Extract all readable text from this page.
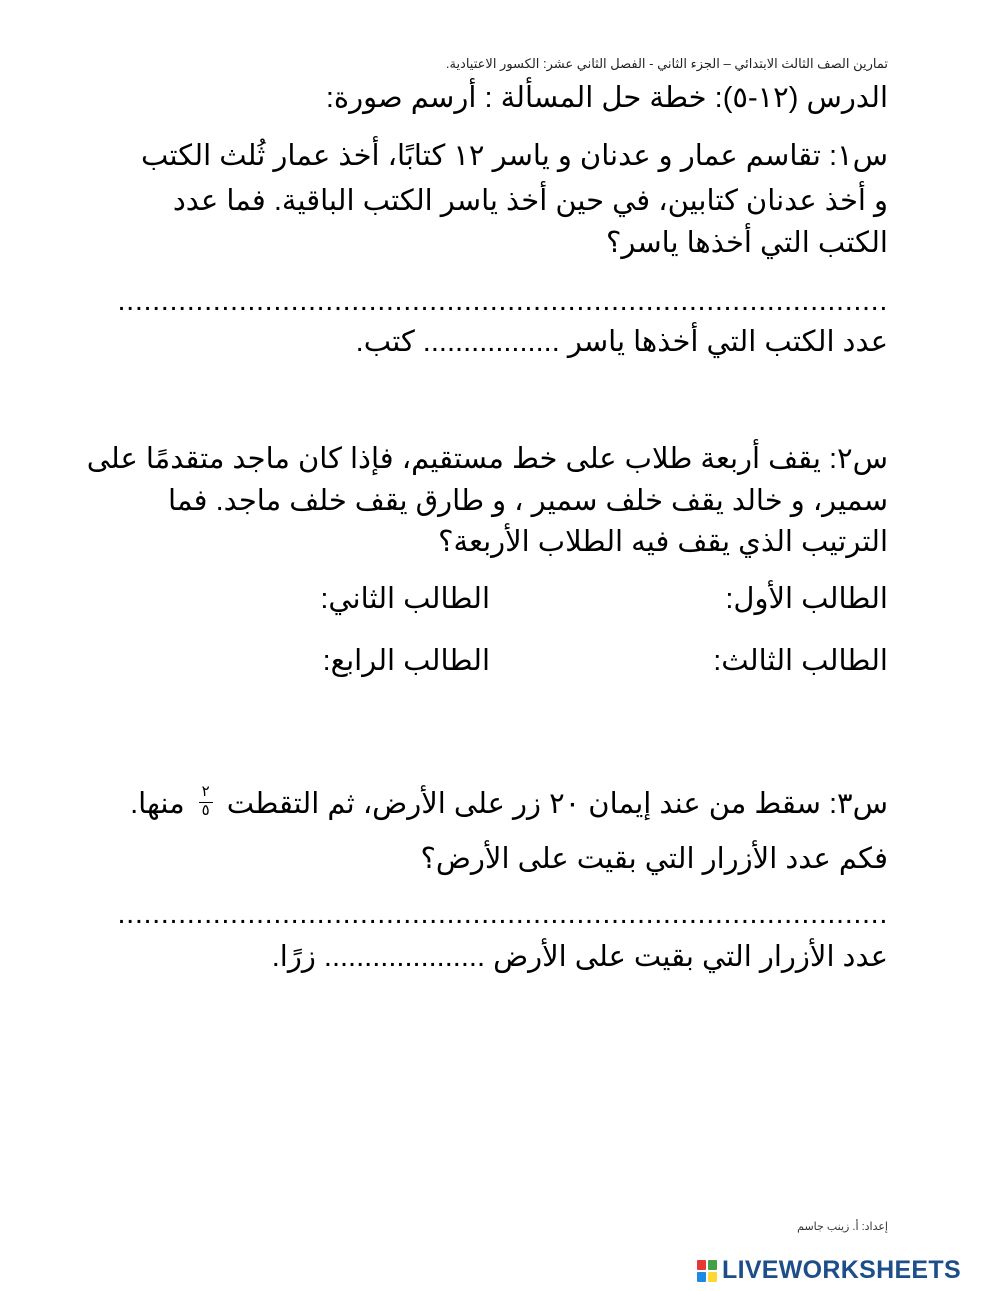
تمارين الصف الثالث الابتدائي – الجزء الثاني - الفصل الثاني عشر: الكسور الاعتيادية.
الدرس (١٢-٥): خطة حل المسألة : أرسم صورة:
س١: تقاسم عمار و عدنان و ياسر ١٢ كتابًا، أخذ عمار ثُلث الكتب
و أخذ عدنان كتابين، في حين أخذ ياسر الكتب الباقية. فما عدد
الكتب التي أخذها ياسر؟
.........................................................................................
عدد الكتب التي أخذها ياسر ................. كتب.
س٢: يقف أربعة طلاب على خط مستقيم، فإذا كان ماجد متقدمًا على
سمير، و خالد يقف خلف سمير ، و طارق يقف خلف ماجد. فما
الترتيب الذي يقف فيه الطلاب الأربعة؟
الطالب الأول:
الطالب الثاني:
الطالب الثالث:
الطالب الرابع:
س٣: سقط من عند إيمان ٢٠ زر على الأرض، ثم التقطت
$\frac{٢}{٥}$
منها.
فكم عدد الأزرار التي بقيت على الأرض؟
.........................................................................................
عدد الأزرار التي بقيت على الأرض .................... زرًا.
إعداد: أ. زينب جاسم
LIVEWORKSHEETS
